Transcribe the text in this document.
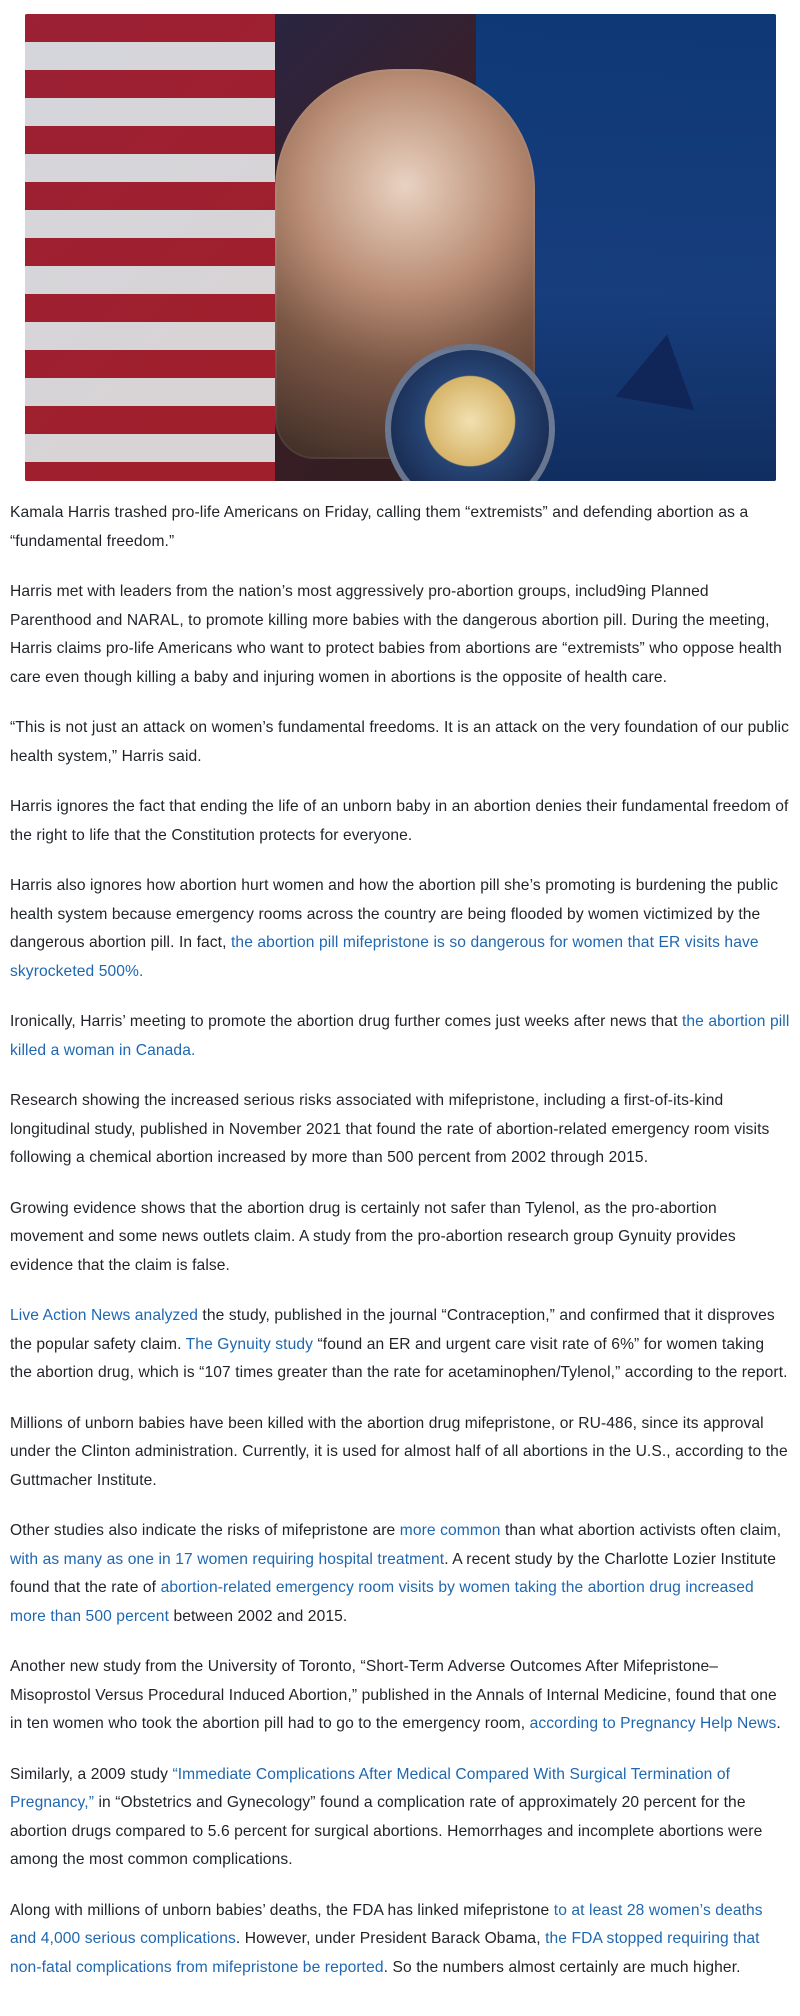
Kamala Harris trashed pro-life Americans on Friday, calling them “extremists” and defending abortion as a “fundamental freedom.”

Harris met with leaders from the nation’s most aggressively pro-abortion groups, includ9ing Planned Parenthood and NARAL, to promote killing more babies with the dangerous abortion pill. During the meeting, Harris claims pro-life Americans who want to protect babies from abortions are “extremists” who oppose health care even though killing a baby and injuring women in abortions is the opposite of health care.

“This is not just an attack on women’s fundamental freedoms. It is an attack on the very foundation of our public health system,” Harris said.

Harris ignores the fact that ending the life of an unborn baby in an abortion denies their fundamental freedom of the right to life that the Constitution protects for everyone.

Harris also ignores how abortion hurt women and how the abortion pill she’s promoting is burdening the public health system because emergency rooms across the country are being flooded by women victimized by the dangerous abortion pill. In fact, the abortion pill mifepristone is so dangerous for women that ER visits have skyrocketed 500%.

Ironically, Harris’ meeting to promote the abortion drug further comes just weeks after news that the abortion pill killed a woman in Canada.

Research showing the increased serious risks associated with mifepristone, including a first-of-its-kind longitudinal study, published in November 2021 that found the rate of abortion-related emergency room visits following a chemical abortion increased by more than 500 percent from 2002 through 2015.

Growing evidence shows that the abortion drug is certainly not safer than Tylenol, as the pro-abortion movement and some news outlets claim. A study from the pro-abortion research group Gynuity provides evidence that the claim is false.

Live Action News analyzed the study, published in the journal “Contraception,” and confirmed that it disproves the popular safety claim. The Gynuity study “found an ER and urgent care visit rate of 6%” for women taking the abortion drug, which is “107 times greater than the rate for acetaminophen/Tylenol,” according to the report.

Millions of unborn babies have been killed with the abortion drug mifepristone, or RU-486, since its approval under the Clinton administration. Currently, it is used for almost half of all abortions in the U.S., according to the Guttmacher Institute.

Other studies also indicate the risks of mifepristone are more common than what abortion activists often claim, with as many as one in 17 women requiring hospital treatment. A recent study by the Charlotte Lozier Institute found that the rate of abortion-related emergency room visits by women taking the abortion drug increased more than 500 percent between 2002 and 2015.

Another new study from the University of Toronto, “Short-Term Adverse Outcomes After Mifepristone–Misoprostol Versus Procedural Induced Abortion,” published in the Annals of Internal Medicine, found that one in ten women who took the abortion pill had to go to the emergency room, according to Pregnancy Help News.

Similarly, a 2009 study “Immediate Complications After Medical Compared With Surgical Termination of Pregnancy,” in “Obstetrics and Gynecology” found a complication rate of approximately 20 percent for the abortion drugs compared to 5.6 percent for surgical abortions. Hemorrhages and incomplete abortions were among the most common complications.

Along with millions of unborn babies’ deaths, the FDA has linked mifepristone to at least 28 women’s deaths and 4,000 serious complications. However, under President Barack Obama, the FDA stopped requiring that non-fatal complications from mifepristone be reported. So the numbers almost certainly are much higher.
